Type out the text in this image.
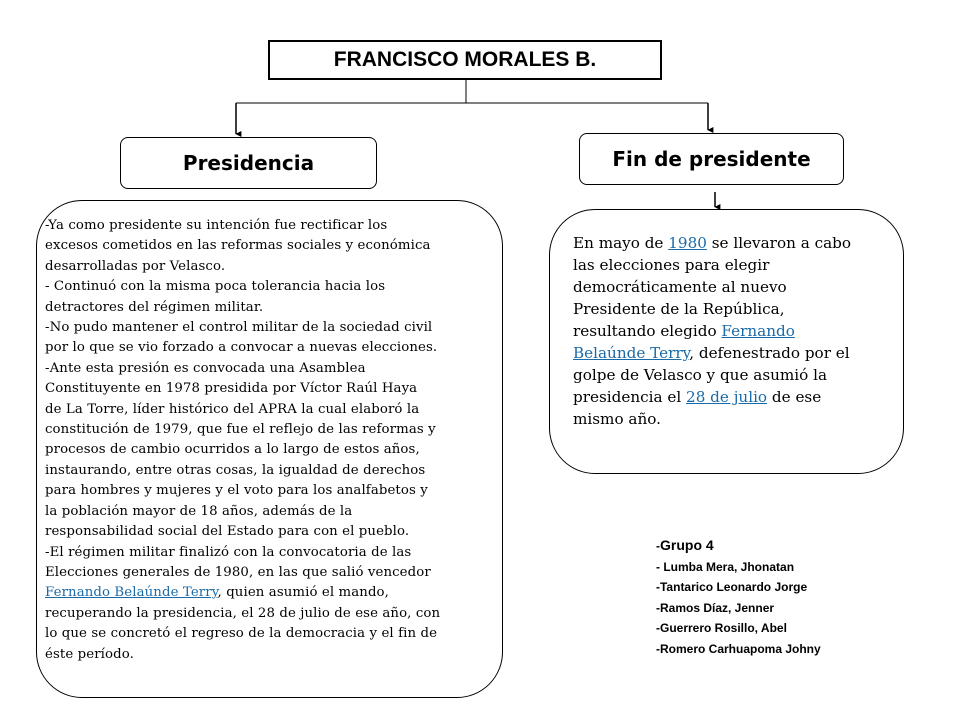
FRANCISCO MORALES B.
Presidencia	Fin de presidente
-Ya como presidente su intención fue rectificar los
excesos cometidos en las reformas sociales y económica
desarrolladas por Velasco.
- Continuó con la misma poca tolerancia hacia los
detractores del régimen militar.
-No pudo mantener el control militar de la sociedad civil
por lo que se vio forzado a convocar a nuevas elecciones.
-Ante esta presión es convocada una Asamblea
Constituyente en 1978 presidida por Víctor Raúl Haya
de La Torre, líder histórico del APRA la cual elaboró la
constitución de 1979, que fue el reflejo de las reformas y
procesos de cambio ocurridos a lo largo de estos años,
instaurando, entre otras cosas, la igualdad de derechos
para hombres y mujeres y el voto para los analfabetos y
la población mayor de 18 años, además de la
responsabilidad social del Estado para con el pueblo.
-El régimen militar finalizó con la convocatoria de las
Elecciones generales de 1980, en las que salió vencedor
Fernando Belaúnde Terry, quien asumió el mando,
recuperando la presidencia, el 28 de julio de ese año, con
lo que se concretó el regreso de la democracia y el fin de
éste período.
En mayo de 1980 se llevaron a cabo
las elecciones para elegir
democráticamente al nuevo
Presidente de la República,
resultando elegido Fernando
Belaúnde Terry, defenestrado por el
golpe de Velasco y que asumió la
presidencia el 28 de julio de ese
mismo año.
-Grupo 4
- Lumba Mera, Jhonatan
-Tantarico Leonardo Jorge
-Ramos Díaz, Jenner
-Guerrero Rosillo, Abel
-Romero Carhuapoma Johny
